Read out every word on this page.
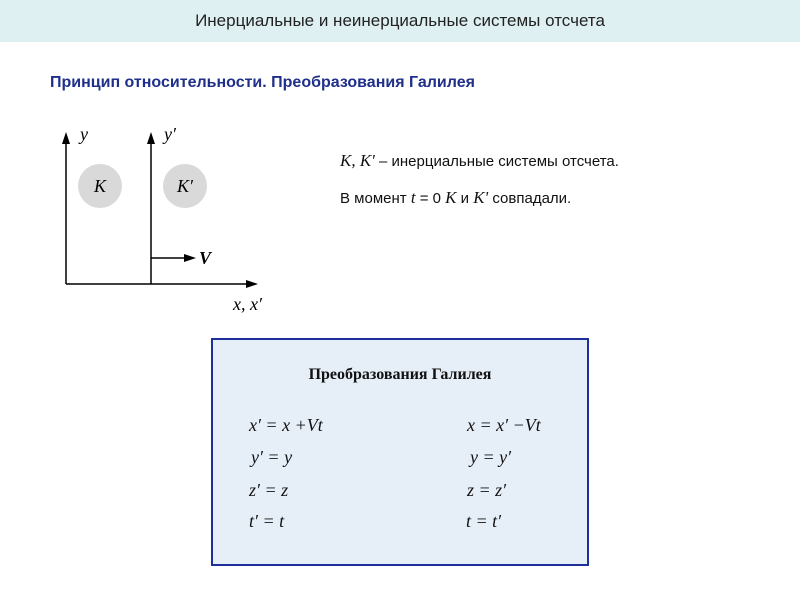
Инерциальные и неинерциальные системы отсчета
Принцип относительности. Преобразования Галилея
y	y′
K	K′
V
x, x′
K, K' – инерциальные системы отсчета.
В момент t = 0 K и K' совпадали.
Преобразования Галилея
x′ = x +Vt
y′ = y
z′ = z
t′ = t
x = x′ −Vt
y = y′
z = z′
t = t′
